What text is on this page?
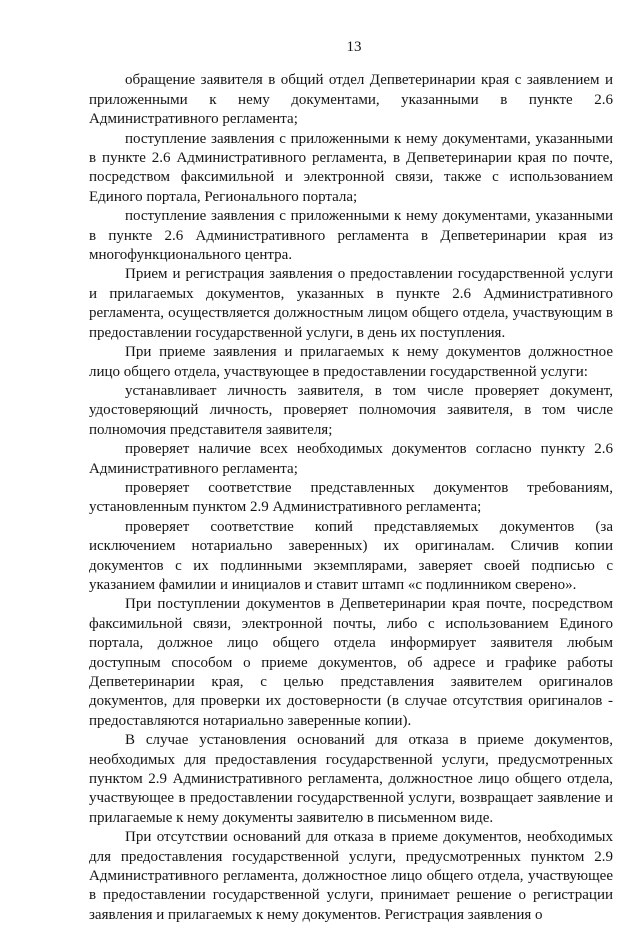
13

обращение заявителя в общий отдел Депветеринарии края с заявлением и приложенными к нему документами, указанными в пункте 2.6 Административного регламента;

поступление заявления с приложенными к нему документами, указанными в пункте 2.6 Административного регламента, в Депветеринарии края по почте, посредством факсимильной и электронной связи, также с использованием Единого портала, Регионального портала;

поступление заявления с приложенными к нему документами, указанными в пункте 2.6 Административного регламента в Депветеринарии края из многофункционального центра.

Прием и регистрация заявления о предоставлении государственной услуги и прилагаемых документов, указанных в пункте 2.6 Административного регламента, осуществляется должностным лицом общего отдела, участвующим в предоставлении государственной услуги, в день их поступления.

При приеме заявления и прилагаемых к нему документов должностное лицо общего отдела, участвующее в предоставлении государственной услуги:

устанавливает личность заявителя, в том числе проверяет документ, удостоверяющий личность, проверяет полномочия заявителя, в том числе полномочия представителя заявителя;

проверяет наличие всех необходимых документов согласно пункту 2.6 Административного регламента;

проверяет соответствие представленных документов требованиям, установленным пунктом 2.9 Административного регламента;

проверяет соответствие копий представляемых документов (за исключением нотариально заверенных) их оригиналам. Сличив копии документов с их подлинными экземплярами, заверяет своей подписью с указанием фамилии и инициалов и ставит штамп «с подлинником сверено».

При поступлении документов в Депветеринарии края почте, посредством факсимильной связи, электронной почты, либо с использованием Единого портала, должное лицо общего отдела информирует заявителя любым доступным способом о приеме документов, об адресе и графике работы Депветеринарии края, с целью представления заявителем оригиналов документов, для проверки их достоверности (в случае отсутствия оригиналов - предоставляются нотариально заверенные копии).

В случае установления оснований для отказа в приеме документов, необходимых для предоставления государственной услуги, предусмотренных пунктом 2.9 Административного регламента, должностное лицо общего отдела, участвующее в предоставлении государственной услуги, возвращает заявление и прилагаемые к нему документы заявителю в письменном виде.

При отсутствии оснований для отказа в приеме документов, необходимых для предоставления государственной услуги, предусмотренных пунктом 2.9 Административного регламента, должностное лицо общего отдела, участвующее в предоставлении государственной услуги, принимает решение о регистрации заявления и прилагаемых к нему документов. Регистрация заявления о
